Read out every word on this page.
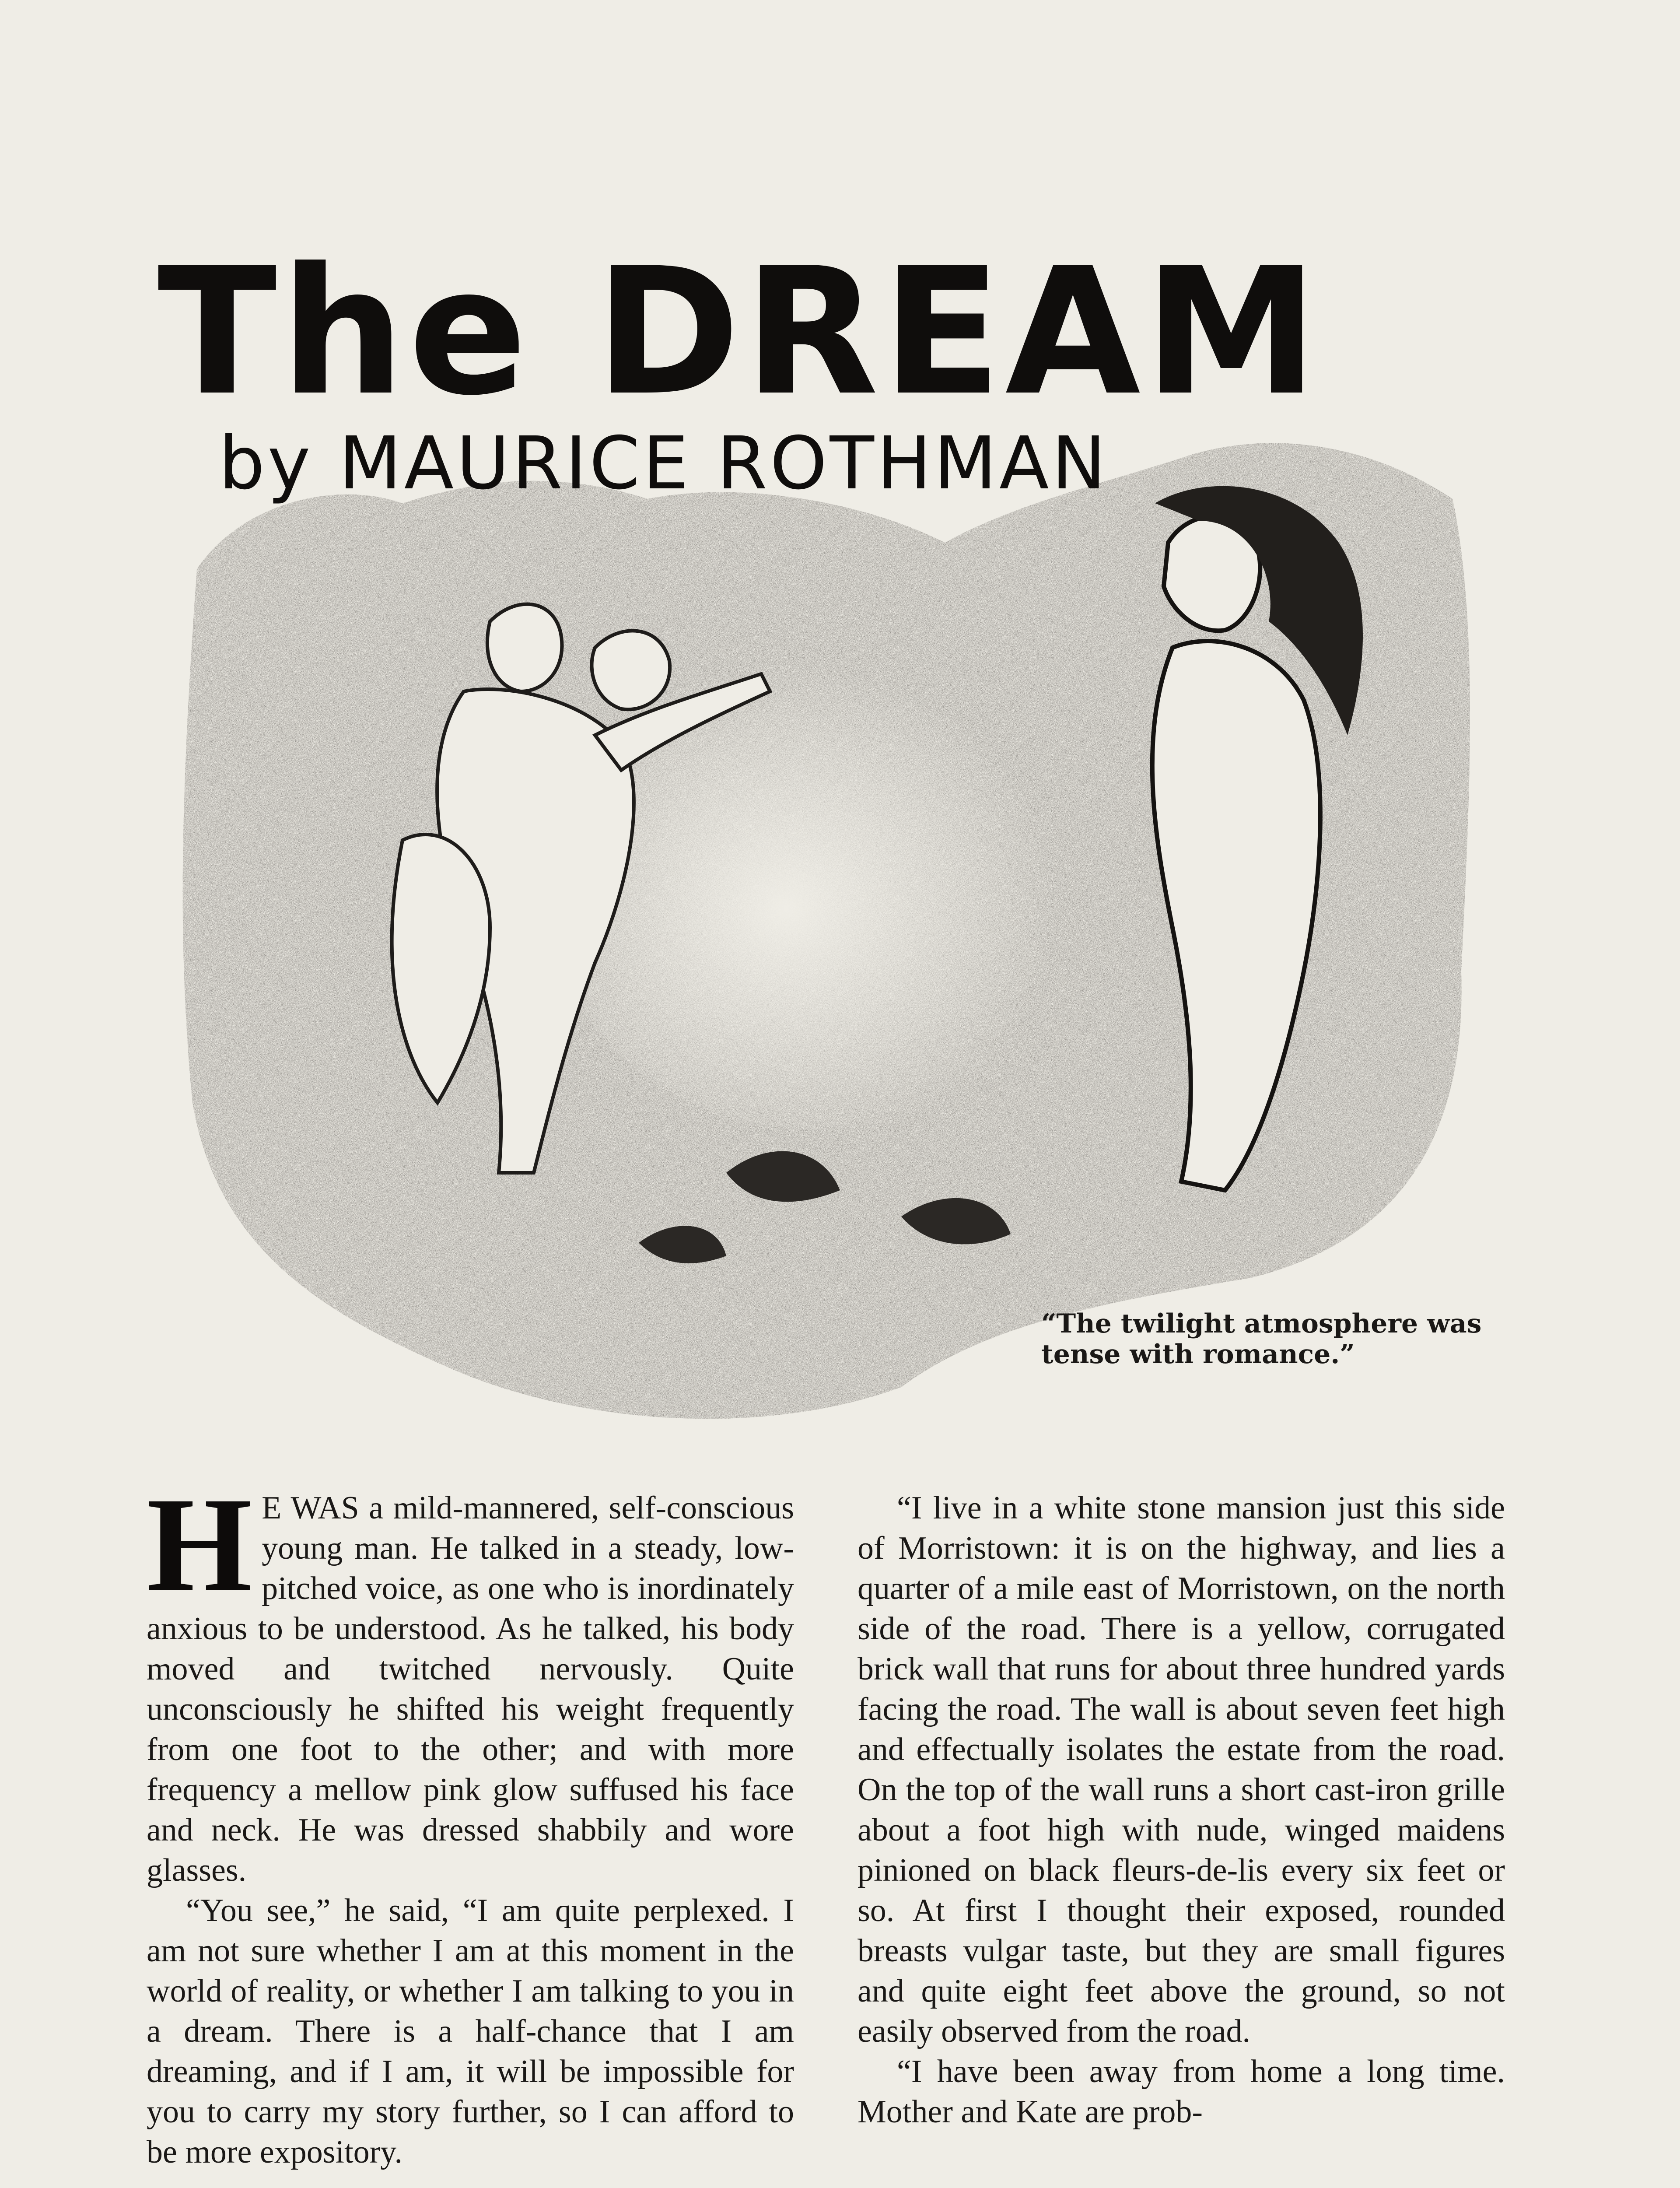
The DREAM
by MAURICE ROTHMAN
“The twilight atmosphere was tense with romance.”

H E WAS a mild-mannered, self-conscious young man. He talked in a steady, low-pitched voice, as one who is inordinately anxious to be understood. As he talked, his body moved and twitched nervously. Quite unconsciously he shifted his weight frequently from one foot to the other; and with more frequency a mellow pink glow suffused his face and neck. He was dressed shabbily and wore glasses.

“You see,” he said, “I am quite perplexed. I am not sure whether I am at this moment in the world of reality, or whether I am talking to you in a dream. There is a half-chance that I am dreaming, and if I am, it will be impossible for you to carry my story further, so I can afford to be more expository.

“I live in a white stone mansion just this side of Morristown: it is on the highway, and lies a quarter of a mile east of Morristown, on the north side of the road. There is a yellow, corrugated brick wall that runs for about three hundred yards facing the road. The wall is about seven feet high and effectually isolates the estate from the road. On the top of the wall runs a short cast-iron grille about a foot high with nude, winged maidens pinioned on black fleurs-de-lis every six feet or so. At first I thought their exposed, rounded breasts vulgar taste, but they are small figures and quite eight feet above the ground, so not easily observed from the road.

“I have been away from home a long time. Mother and Kate are prob-
